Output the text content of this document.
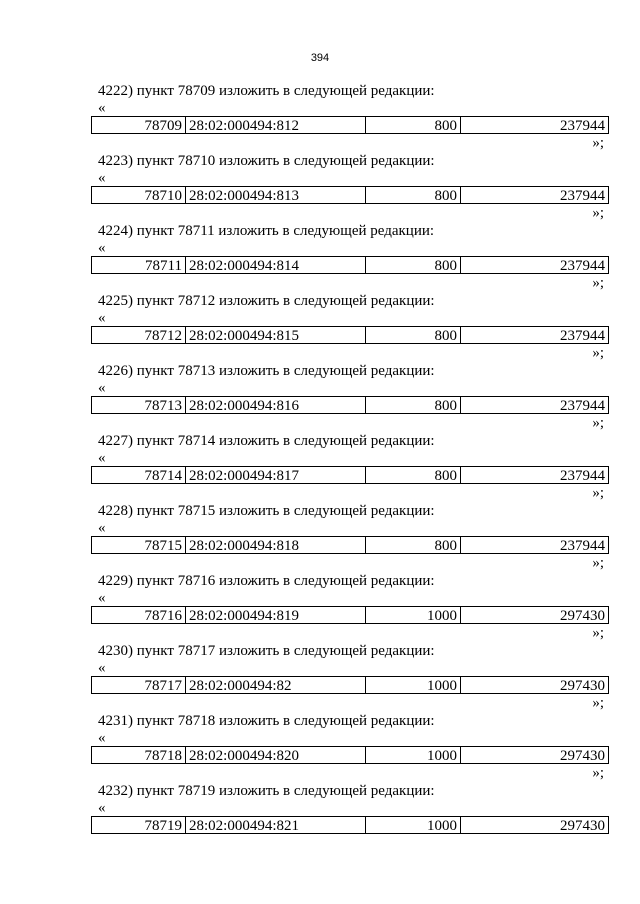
394
4222) пункт 78709 изложить в следующей редакции:
«
78709 28:02:000494:812	800	237944
»;
4223) пункт 78710 изложить в следующей редакции:
«
78710 28:02:000494:813	800	237944
»;
4224) пункт 78711 изложить в следующей редакции:
«
78711 28:02:000494:814	800	237944
»;
4225) пункт 78712 изложить в следующей редакции:
«
78712 28:02:000494:815	800	237944
»;
4226) пункт 78713 изложить в следующей редакции:
«
78713 28:02:000494:816	800	237944
»;
4227) пункт 78714 изложить в следующей редакции:
«
78714 28:02:000494:817	800	237944
»;
4228) пункт 78715 изложить в следующей редакции:
«
78715 28:02:000494:818	800	237944
»;
4229) пункт 78716 изложить в следующей редакции:
«
78716 28:02:000494:819	1000	297430
»;
4230) пункт 78717 изложить в следующей редакции:
«
78717 28:02:000494:82	1000	297430
»;
4231) пункт 78718 изложить в следующей редакции:
«
78718 28:02:000494:820	1000	297430
»;
4232) пункт 78719 изложить в следующей редакции:
«
78719 28:02:000494:821	1000	297430
